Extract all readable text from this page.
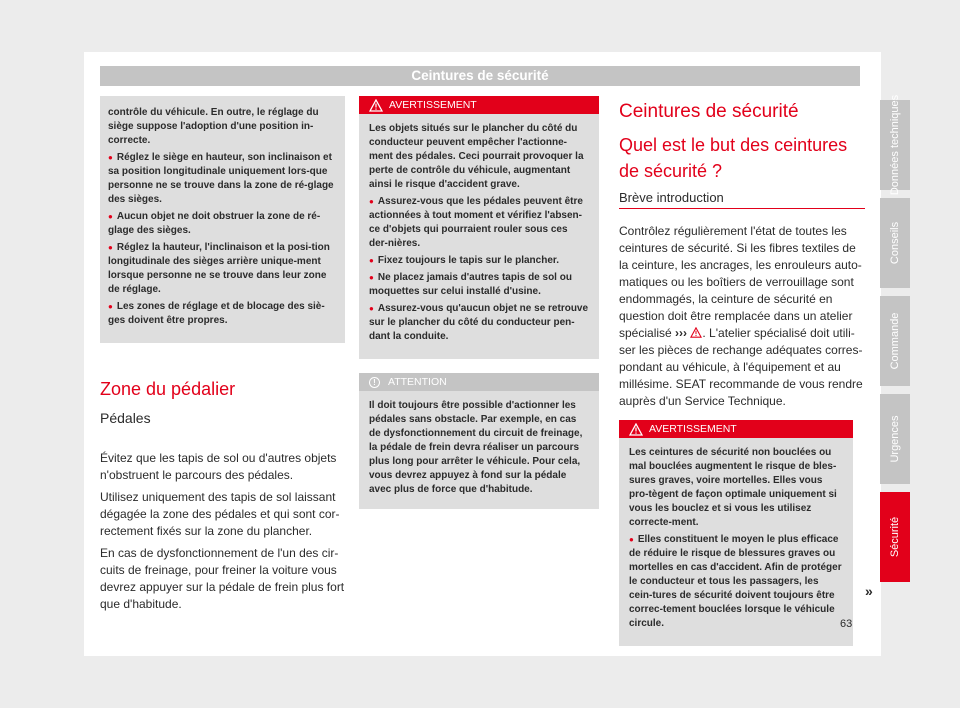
Ceintures de sécurité

contrôle du véhicule. En outre, le réglage du siège suppose l'adoption d'une position in-correcte.

● Réglez le siège en hauteur, son inclinaison et sa position longitudinale uniquement lors-que personne ne se trouve dans la zone de ré-glage des sièges.

● Aucun objet ne doit obstruer la zone de ré-glage des sièges.

● Réglez la hauteur, l'inclinaison et la posi-tion longitudinale des sièges arrière unique-ment lorsque personne ne se trouve dans leur zone de réglage.

● Les zones de réglage et de blocage des siè-ges doivent être propres.

Zone du pédalier
Pédales

Évitez que les tapis de sol ou d'autres objets n'obstruent le parcours des pédales.

Utilisez uniquement des tapis de sol laissant dégagée la zone des pédales et qui sont cor-rectement fixés sur la zone du plancher.

En cas de dysfonctionnement de l'un des cir-cuits de freinage, pour freiner la voiture vous devrez appuyer sur la pédale de frein plus fort que d'habitude.

AVERTISSEMENT

Les objets situés sur le plancher du côté du conducteur peuvent empêcher l'actionne-ment des pédales. Ceci pourrait provoquer la perte de contrôle du véhicule, augmentant ainsi le risque d'accident grave.

● Assurez-vous que les pédales peuvent être actionnées à tout moment et vérifiez l'absen-ce d'objets qui pourraient rouler sous ces der-nières.

● Fixez toujours le tapis sur le plancher.

● Ne placez jamais d'autres tapis de sol ou moquettes sur celui installé d'usine.

● Assurez-vous qu'aucun objet ne se retrouve sur le plancher du côté du conducteur pen-dant la conduite.

!	ATTENTION
Il doit toujours être possible d'actionner les pédales sans obstacle. Par exemple, en cas de dysfonctionnement du circuit de freinage, la pédale de frein devra réaliser un parcours plus long pour arrêter le véhicule. Pour cela, vous devrez appuyez à fond sur la pédale avec plus de force que d'habitude.
Ceintures de sécurité
Quel est le but des ceintures de sécurité ?
Brève introduction

Contrôlez régulièrement l'état de toutes les ceintures de sécurité. Si les fibres textiles de la ceinture, les ancrages, les enrouleurs auto-matiques ou les boîtiers de verrouillage sont endommagés, la ceinture de sécurité en question doit être remplacée dans un atelier spécialisé ››› . L'atelier spécialisé doit utili-ser les pièces de rechange adéquates corres-pondant au véhicule, à l'équipement et au millésime. SEAT recommande de vous rendre auprès d'un Service Technique.

AVERTISSEMENT

Les ceintures de sécurité non bouclées ou mal bouclées augmentent le risque de bles-sures graves, voire mortelles. Elles vous pro-tègent de façon optimale uniquement si vous les bouclez et si vous les utilisez correcte-ment.

● Elles constituent le moyen le plus efficace de réduire le risque de blessures graves ou mortelles en cas d'accident. Afin de protéger le conducteur et tous les passagers, les cein-tures de sécurité doivent toujours être correc-tement bouclées lorsque le véhicule circule.

»
Données techniques
Conseils
Commande
Urgences
Sécurité
63
